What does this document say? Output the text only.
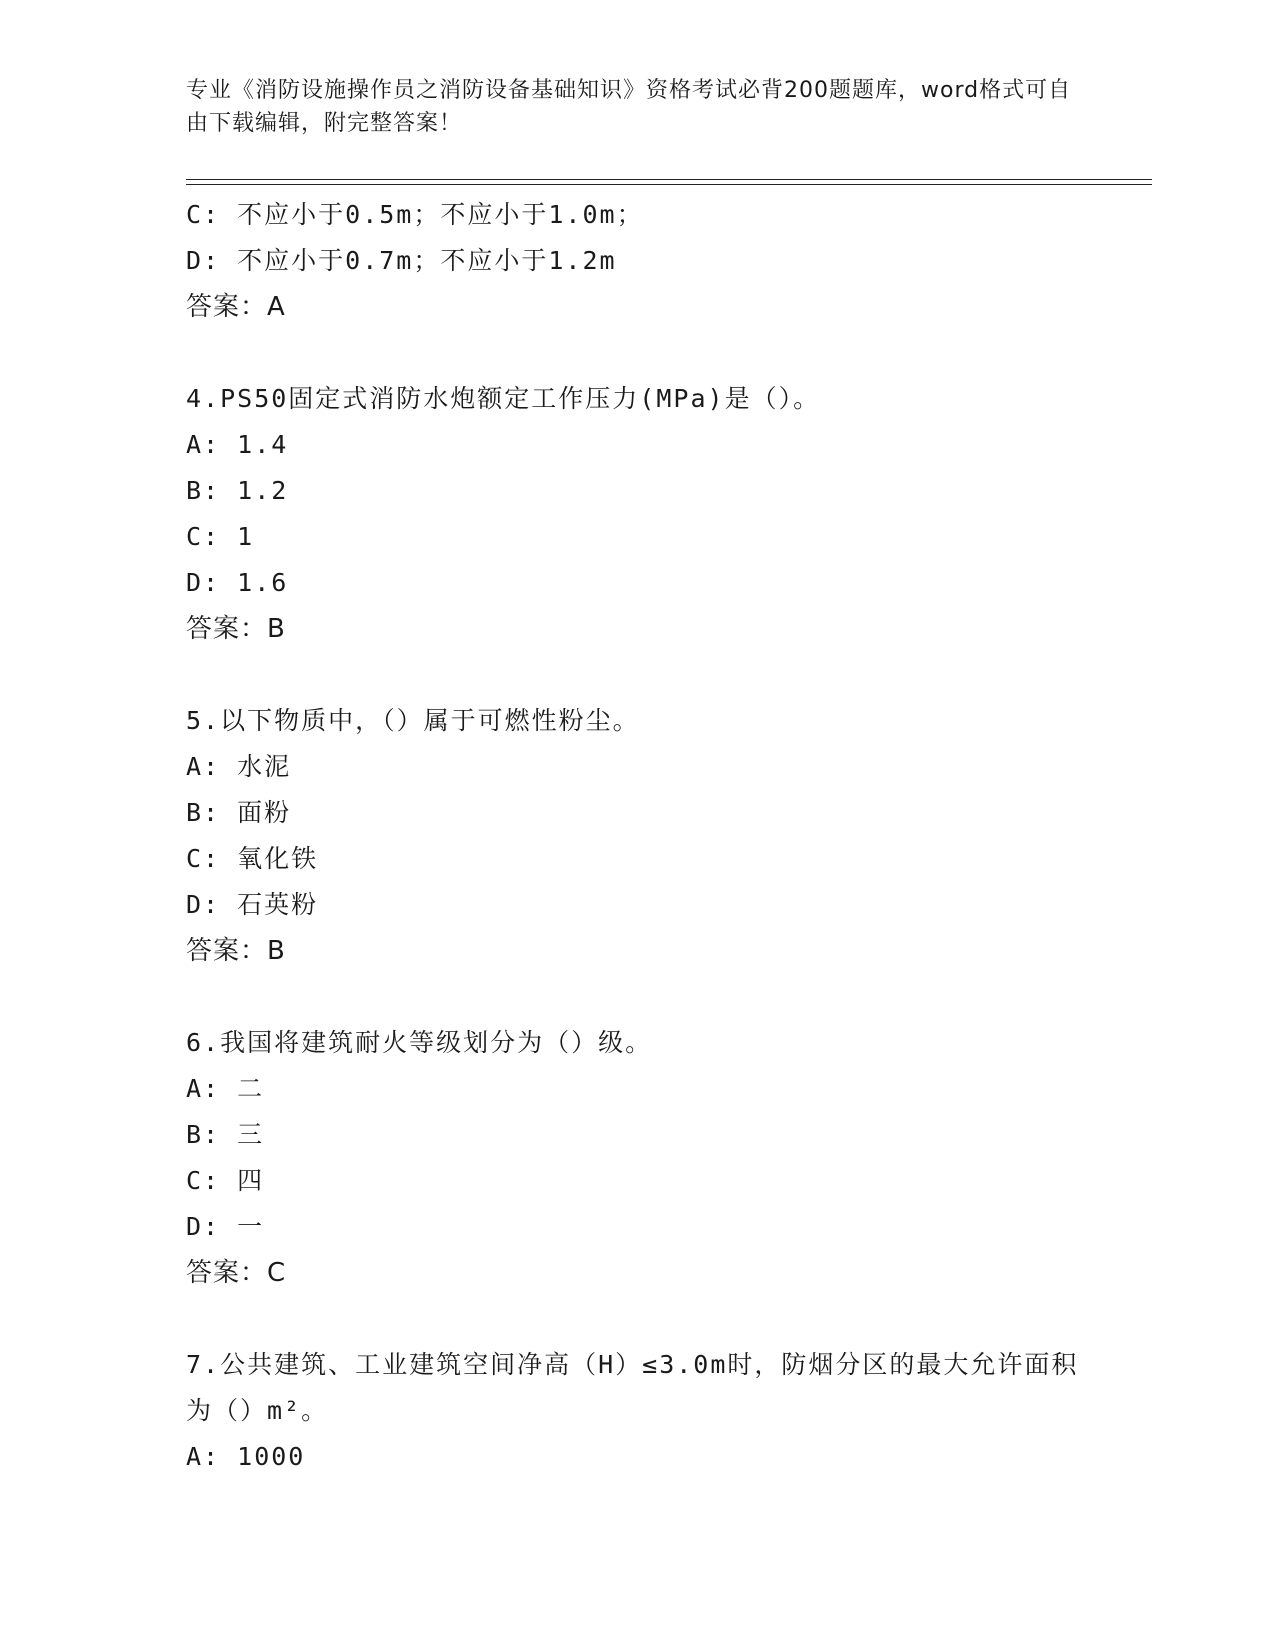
专业《消防设施操作员之消防设备基础知识》资格考试必背200题题库，word格式可自由下载编辑，附完整答案！
C: 不应小于0.5m；不应小于1.0m；
D: 不应小于0.7m；不应小于1.2m
答案：A
4.PS50固定式消防水炮额定工作压力(MPa)是（）。
A: 1.4
B: 1.2
C: 1
D: 1.6
答案：B
5.以下物质中，（）属于可燃性粉尘。
A: 水泥
B: 面粉
C: 氧化铁
D: 石英粉
答案：B
6.我国将建筑耐火等级划分为（）级。
A: 二
B: 三
C: 四
D: 一
答案：C
7.公共建筑、工业建筑空间净高（H）≤3.0m时，防烟分区的最大允许面积为（）m²。
A: 1000
